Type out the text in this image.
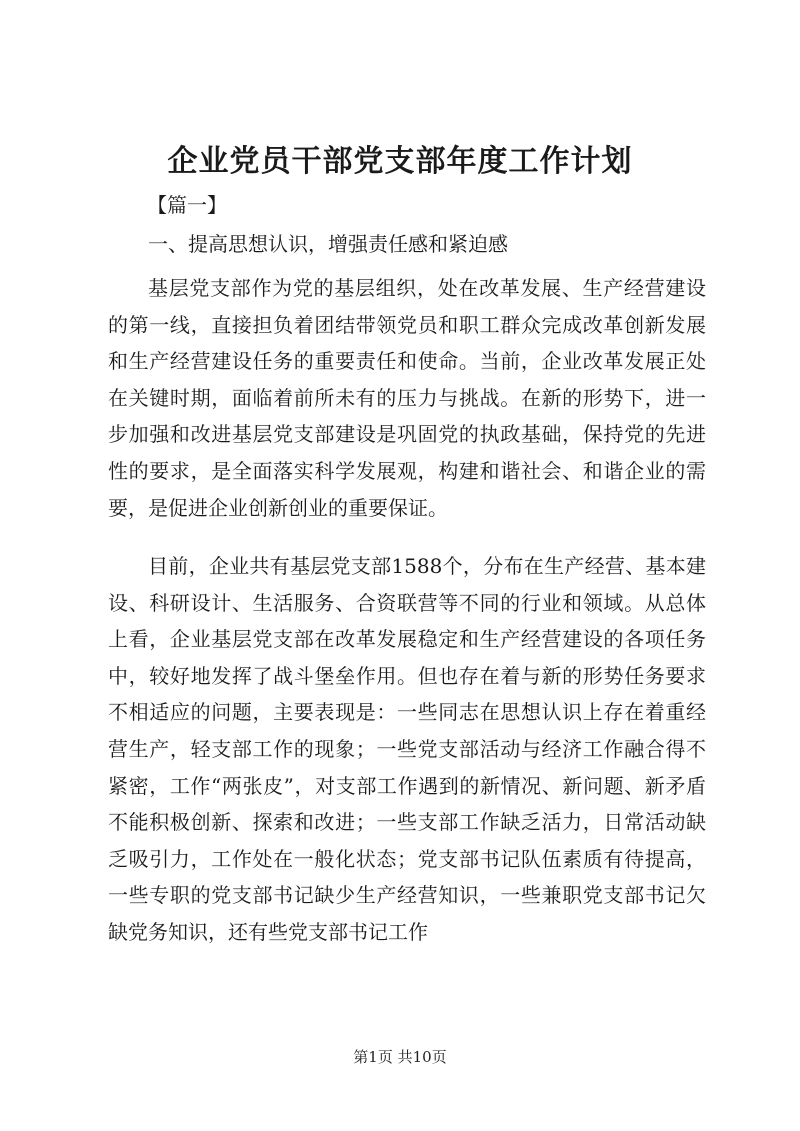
企业党员干部党支部年度工作计划
【篇一】

一、提高思想认识，增强责任感和紧迫感

基层党支部作为党的基层组织，处在改革发展、生产经营建设的第一线，直接担负着团结带领党员和职工群众完成改革创新发展和生产经营建设任务的重要责任和使命。当前，企业改革发展正处在关键时期，面临着前所未有的压力与挑战。在新的形势下，进一步加强和改进基层党支部建设是巩固党的执政基础，保持党的先进性的要求，是全面落实科学发展观，构建和谐社会、和谐企业的需要，是促进企业创新创业的重要保证。

目前，企业共有基层党支部1588个，分布在生产经营、基本建设、科研设计、生活服务、合资联营等不同的行业和领域。从总体上看，企业基层党支部在改革发展稳定和生产经营建设的各项任务中，较好地发挥了战斗堡垒作用。但也存在着与新的形势任务要求不相适应的问题，主要表现是：一些同志在思想认识上存在着重经营生产，轻支部工作的现象；一些党支部活动与经济工作融合得不紧密，工作“两张皮”，对支部工作遇到的新情况、新问题、新矛盾不能积极创新、探索和改进；一些支部工作缺乏活力，日常活动缺乏吸引力，工作处在一般化状态；党支部书记队伍素质有待提高，一些专职的党支部书记缺少生产经营知识，一些兼职党支部书记欠缺党务知识，还有些党支部书记工作

第1页 共10页
